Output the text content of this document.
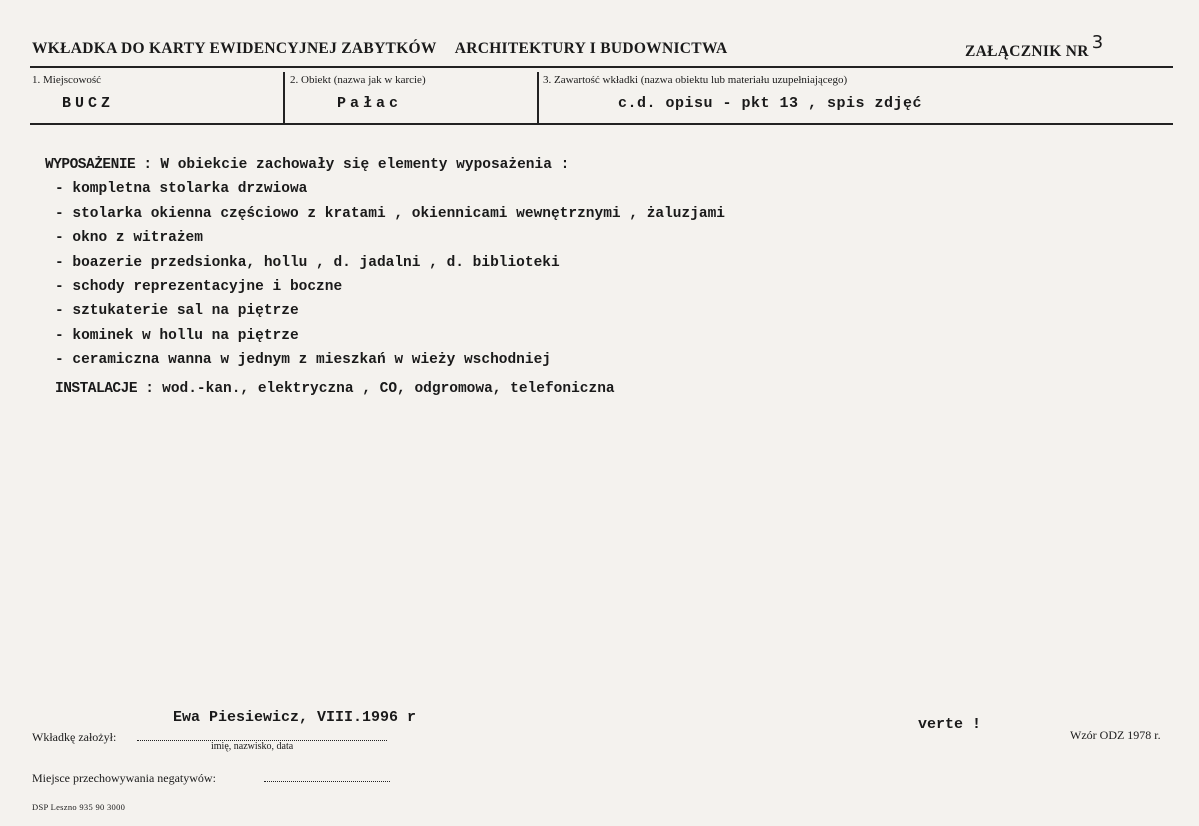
WKŁADKA DO KARTY EWIDENCYJNEJ ZABYTKÓW ARCHITEKTURY I BUDOWNICTWA	ZAŁĄCZNIK NR 3
1. Miejscowość
BUCZ
2. Obiekt (nazwa jak w karcie)
Pałac
3. Zawartość wkładki (nazwa obiektu lub materiału uzupełniającego)
c.d. opisu - pkt 13 , spis zdjęć
WYPOSAŻENIE : W obiekcie zachowały się elementy wyposażenia :
- kompletna stolarka drzwiowa
- stolarka okienna częściowo z kratami , okiennicami wewnętrznymi , żaluzjami
- okno z witrażem
- boazerie przedsionka, hollu , d. jadalni , d. biblioteki
- schody reprezentacyjne i boczne
- sztukaterie sal na piętrze
- kominek w hollu na piętrze
- ceramiczna wanna w jednym z mieszkań w wieży wschodniej
INSTALACJE : wod.-kan., elektryczna , CO, odgromowa, telefoniczna
Ewa Piesiewicz, VIII.1996 r
Wkładkę założył:
imię, nazwisko, data
verte !
Wzór ODZ 1978 r.
Miejsce przechowywania negatywów:
DSP Leszno 935 90 3000
